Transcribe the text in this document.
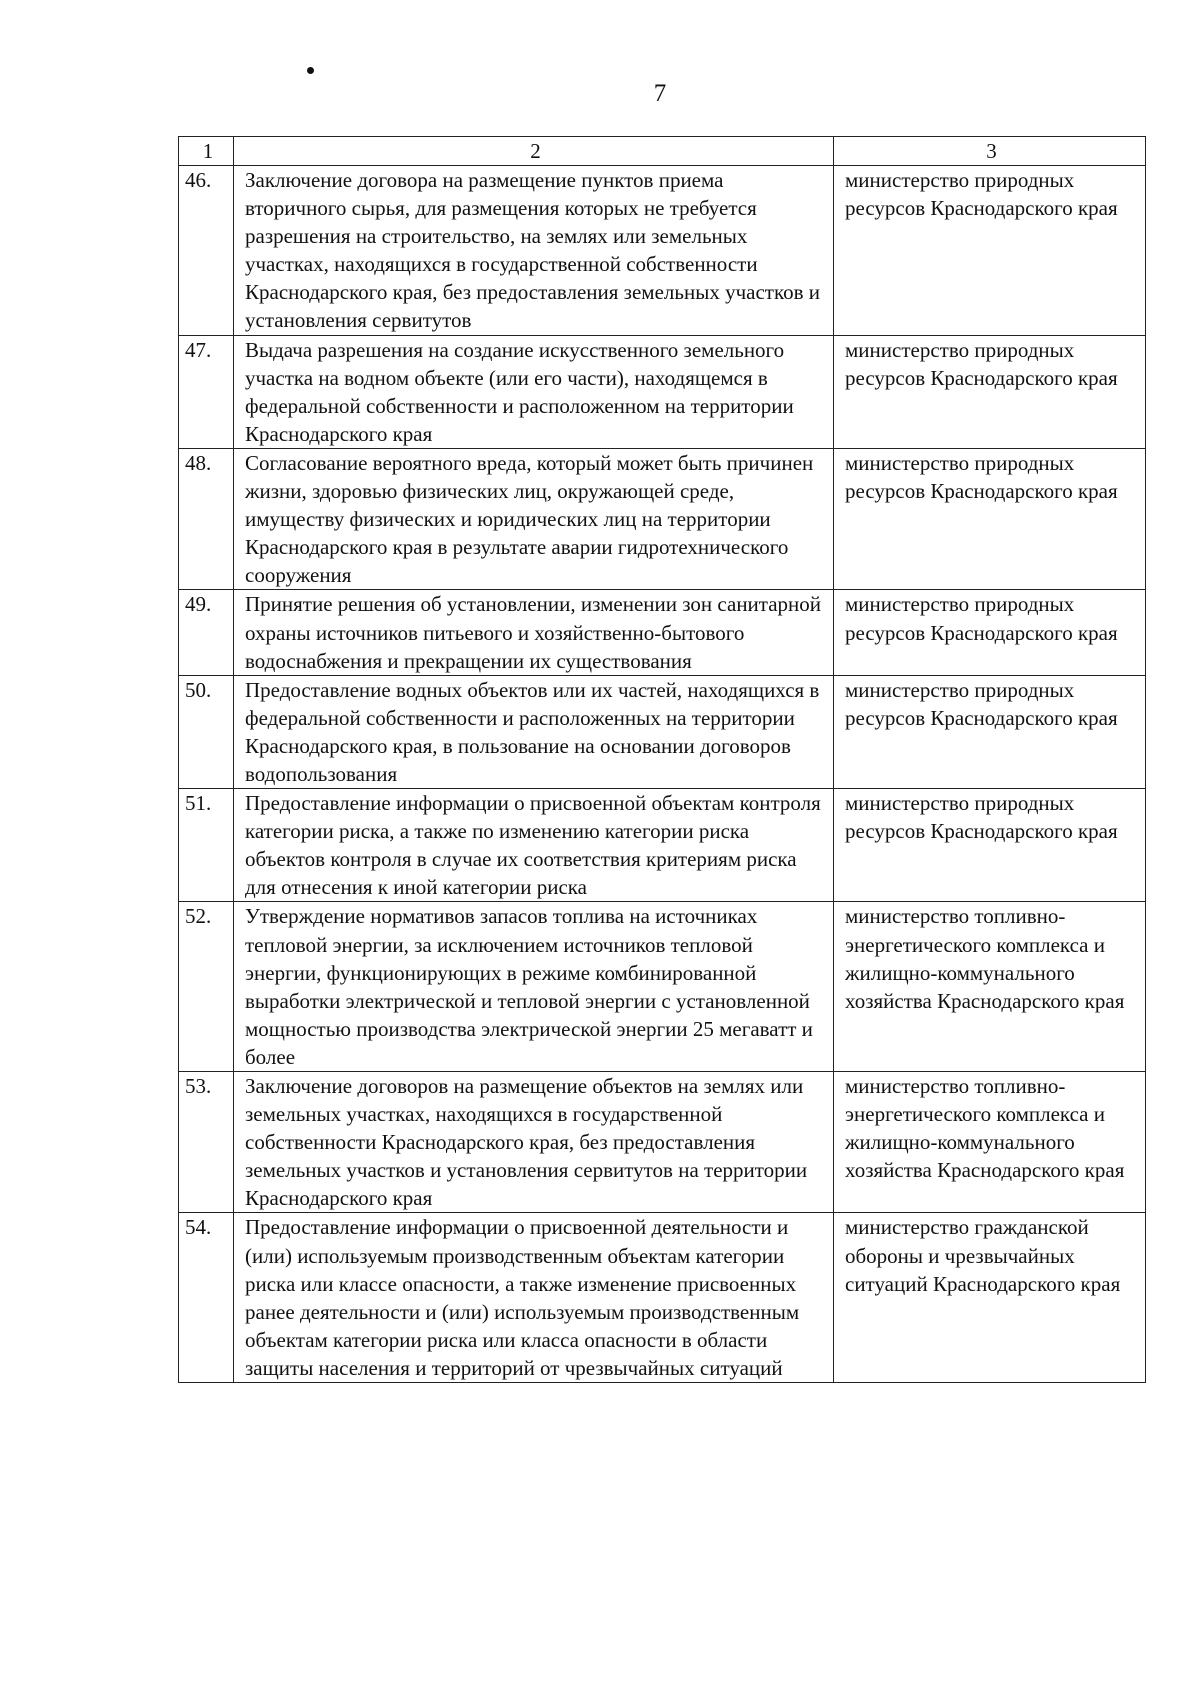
7
1	2	3
46.	Заключение договора на размещение пунктов приема вторичного сырья, для размещения которых не требуется разрешения на строительство, на землях или земельных участках, находящихся в государственной собственности Краснодарского края, без предоставления земельных участков и установления сервитутов	министерство природных ресурсов Краснодарского края
47.	Выдача разрешения на создание искусственного земельного участка на водном объекте (или его части), находящемся в федеральной собственности и расположенном на территории Краснодарского края	министерство природных ресурсов Краснодарского края
48.	Согласование вероятного вреда, который может быть причинен жизни, здоровью физических лиц, окружающей среде, имуществу физических и юридических лиц на территории Краснодарского края в результате аварии гидротехнического сооружения	министерство природных ресурсов Краснодарского края
49.	Принятие решения об установлении, изменении зон санитарной охраны источников питьевого и хозяйственно-бытового водоснабжения и прекращении их существования	министерство природных ресурсов Краснодарского края
50.	Предоставление водных объектов или их частей, находящихся в федеральной собственности и расположенных на территории Краснодарского края, в пользование на основании договоров водопользования	министерство природных ресурсов Краснодарского края
51.	Предоставление информации о присвоенной объектам контроля категории риска, а также по изменению категории риска объектов контроля в случае их соответствия критериям риска для отнесения к иной категории риска	министерство природных ресурсов Краснодарского края
52.	Утверждение нормативов запасов топлива на источниках тепловой энергии, за исключением источников тепловой энергии, функционирующих в режиме комбинированной выработки электрической и тепловой энергии с установленной мощностью производства электрической энергии 25 мегаватт и более	министерство топливно-энергетического комплекса и жилищно-коммунального хозяйства Краснодарского края
53.	Заключение договоров на размещение объектов на землях или земельных участках, находящихся в государственной собственности Краснодарского края, без предоставления земельных участков и установления сервитутов на территории Краснодарского края	министерство топливно-энергетического комплекса и жилищно-коммунального хозяйства Краснодарского края
54.	Предоставление информации о присвоенной деятельности и (или) используемым производственным объектам категории риска или классе опасности, а также изменение присвоенных ранее деятельности и (или) используемым производственным объектам категории риска или класса опасности в области защиты населения и территорий от чрезвычайных ситуаций	министерство гражданской обороны и чрезвычайных ситуаций Краснодарского края
